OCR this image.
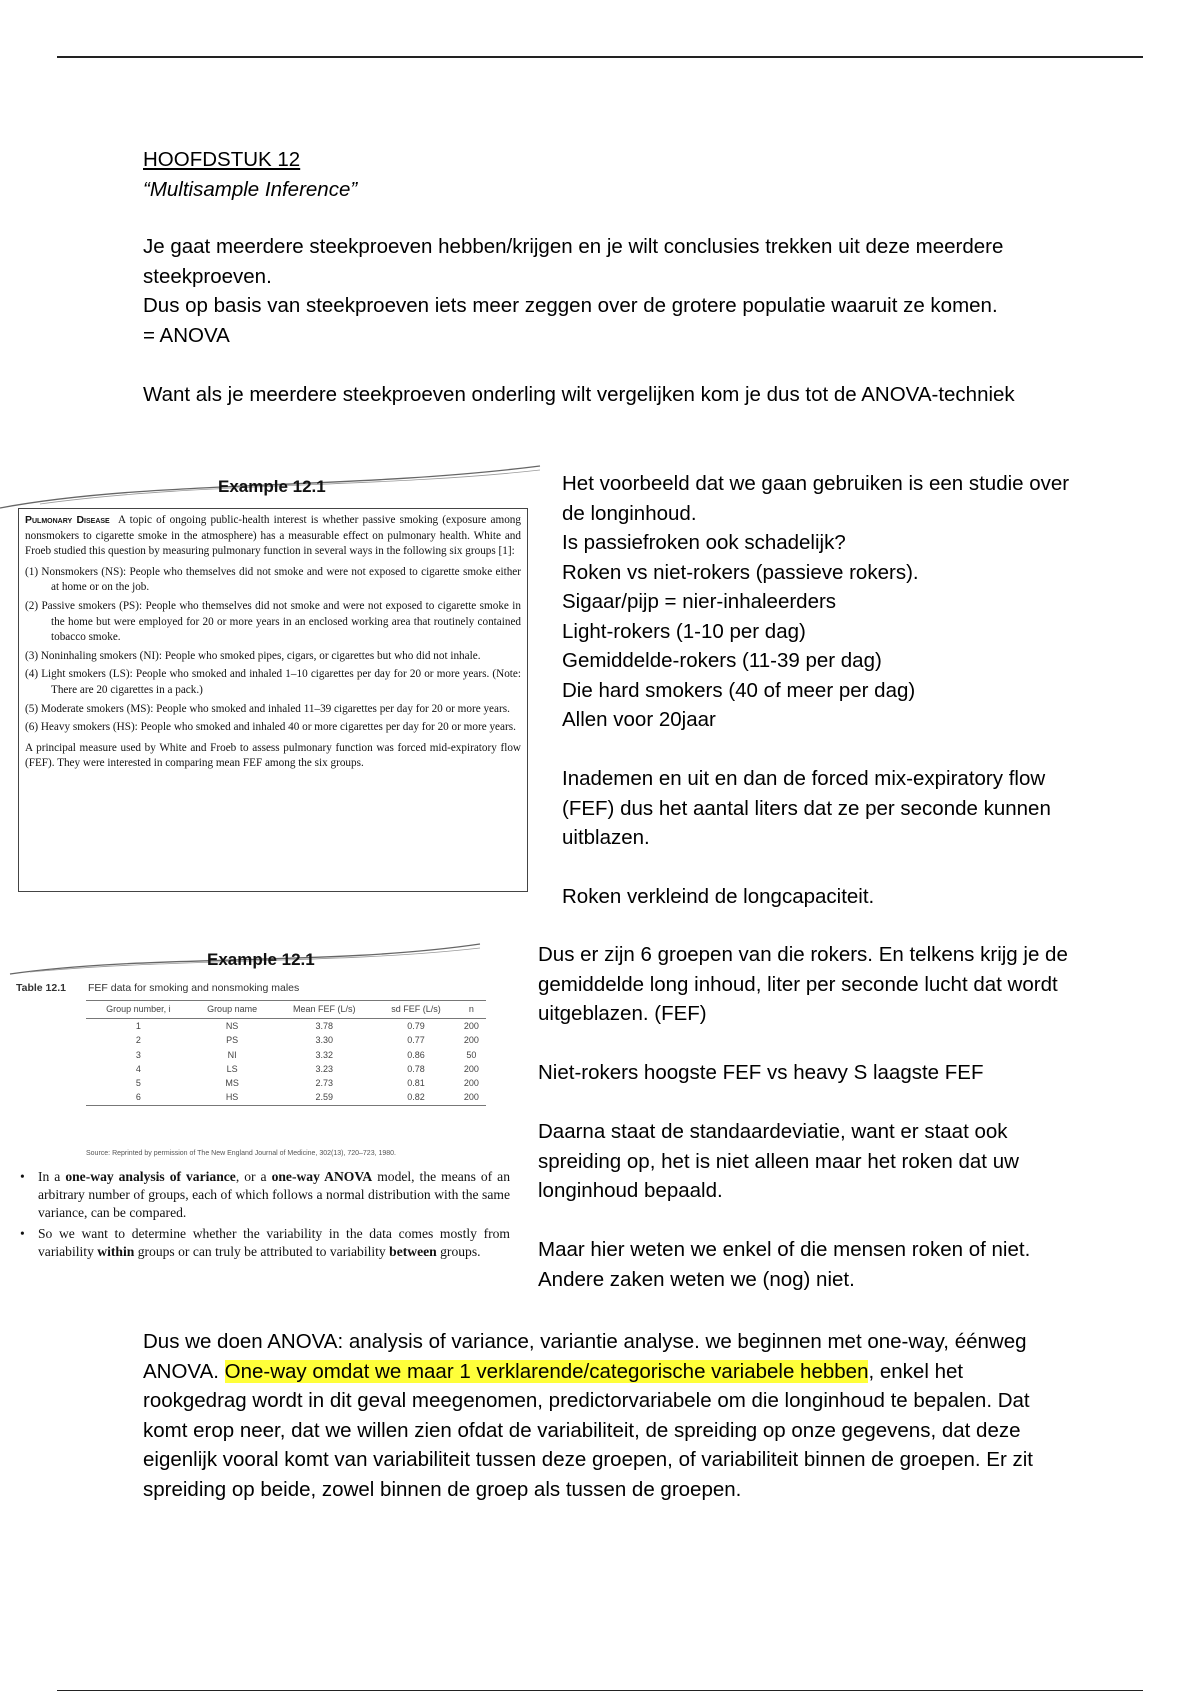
HOOFDSTUK 12
“Multisample Inference”

Je gaat meerdere steekproeven hebben/krijgen en je wilt conclusies trekken uit deze meerdere steekproeven.

Dus op basis van steekproeven iets meer zeggen over de grotere populatie waaruit ze komen.

= ANOVA

Want als je meerdere steekproeven onderling wilt vergelijken kom je dus tot de ANOVA-techniek

Example 12.1

Pulmonary Disease A topic of ongoing public-health interest is whether passive smoking (exposure among nonsmokers to cigarette smoke in the atmosphere) has a measurable effect on pulmonary health. White and Froeb studied this question by measuring pulmonary function in several ways in the following six groups [1]:

(1) Nonsmokers (NS): People who themselves did not smoke and were not exposed to cigarette smoke either at home or on the job.
(2) Passive smokers (PS): People who themselves did not smoke and were not exposed to cigarette smoke in the home but were employed for 20 or more years in an enclosed working area that routinely contained tobacco smoke.
(3) Noninhaling smokers (NI): People who smoked pipes, cigars, or cigarettes but who did not inhale.
(4) Light smokers (LS): People who smoked and inhaled 1–10 cigarettes per day for 20 or more years. (Note: There are 20 cigarettes in a pack.)
(5) Moderate smokers (MS): People who smoked and inhaled 11–39 cigarettes per day for 20 or more years.
(6) Heavy smokers (HS): People who smoked and inhaled 40 or more cigarettes per day for 20 or more years.

A principal measure used by White and Froeb to assess pulmonary function was forced mid-expiratory flow (FEF). They were interested in comparing mean FEF among the six groups.

Het voorbeeld dat we gaan gebruiken is een studie over de longinhoud.

Is passiefroken ook schadelijk?

Roken vs niet-rokers (passieve rokers).

Sigaar/pijp = nier-inhaleerders

Light-rokers (1-10 per dag)

Gemiddelde-rokers (11-39 per dag)

Die hard smokers (40 of meer per dag)

Allen voor 20jaar

Inademen en uit en dan de forced mix-expiratory flow (FEF) dus het aantal liters dat ze per seconde kunnen uitblazen.

Roken verkleind de longcapaciteit.

Example 12.1
Table 12.1 FEF data for smoking and nonsmoking males
Group number, i	Group name	Mean FEF (L/s)	sd FEF (L/s)	n
1	NS	3.78	0.79	200
2	PS	3.30	0.77	200
3	NI	3.32	0.86	50
4	LS	3.23	0.78	200
5	MS	2.73	0.81	200
6	HS	2.59	0.82	200
Source: Reprinted by permission of The New England Journal of Medicine, 302(13), 720–723, 1980.
• In a one-way analysis of variance, or a one-way ANOVA model, the means of an arbitrary number of groups, each of which follows a normal distribution with the same variance, can be compared.
• So we want to determine whether the variability in the data comes mostly from variability within groups or can truly be attributed to variability between groups.

Dus er zijn 6 groepen van die rokers. En telkens krijg je de gemiddelde long inhoud, liter per seconde lucht dat wordt uitgeblazen. (FEF)

Niet-rokers hoogste FEF vs heavy S laagste FEF

Daarna staat de standaardeviatie, want er staat ook spreiding op, het is niet alleen maar het roken dat uw longinhoud bepaald.

Maar hier weten we enkel of die mensen roken of niet. Andere zaken weten we (nog) niet.

Dus we doen ANOVA: analysis of variance, variantie analyse. we beginnen met one-way, éénweg ANOVA. One-way omdat we maar 1 verklarende/categorische variabele hebben, enkel het rookgedrag wordt in dit geval meegenomen, predictorvariabele om die longinhoud te bepalen. Dat komt erop neer, dat we willen zien ofdat de variabiliteit, de spreiding op onze gegevens, dat deze eigenlijk vooral komt van variabiliteit tussen deze groepen, of variabiliteit binnen de groepen. Er zit spreiding op beide, zowel binnen de groep als tussen de groepen.
